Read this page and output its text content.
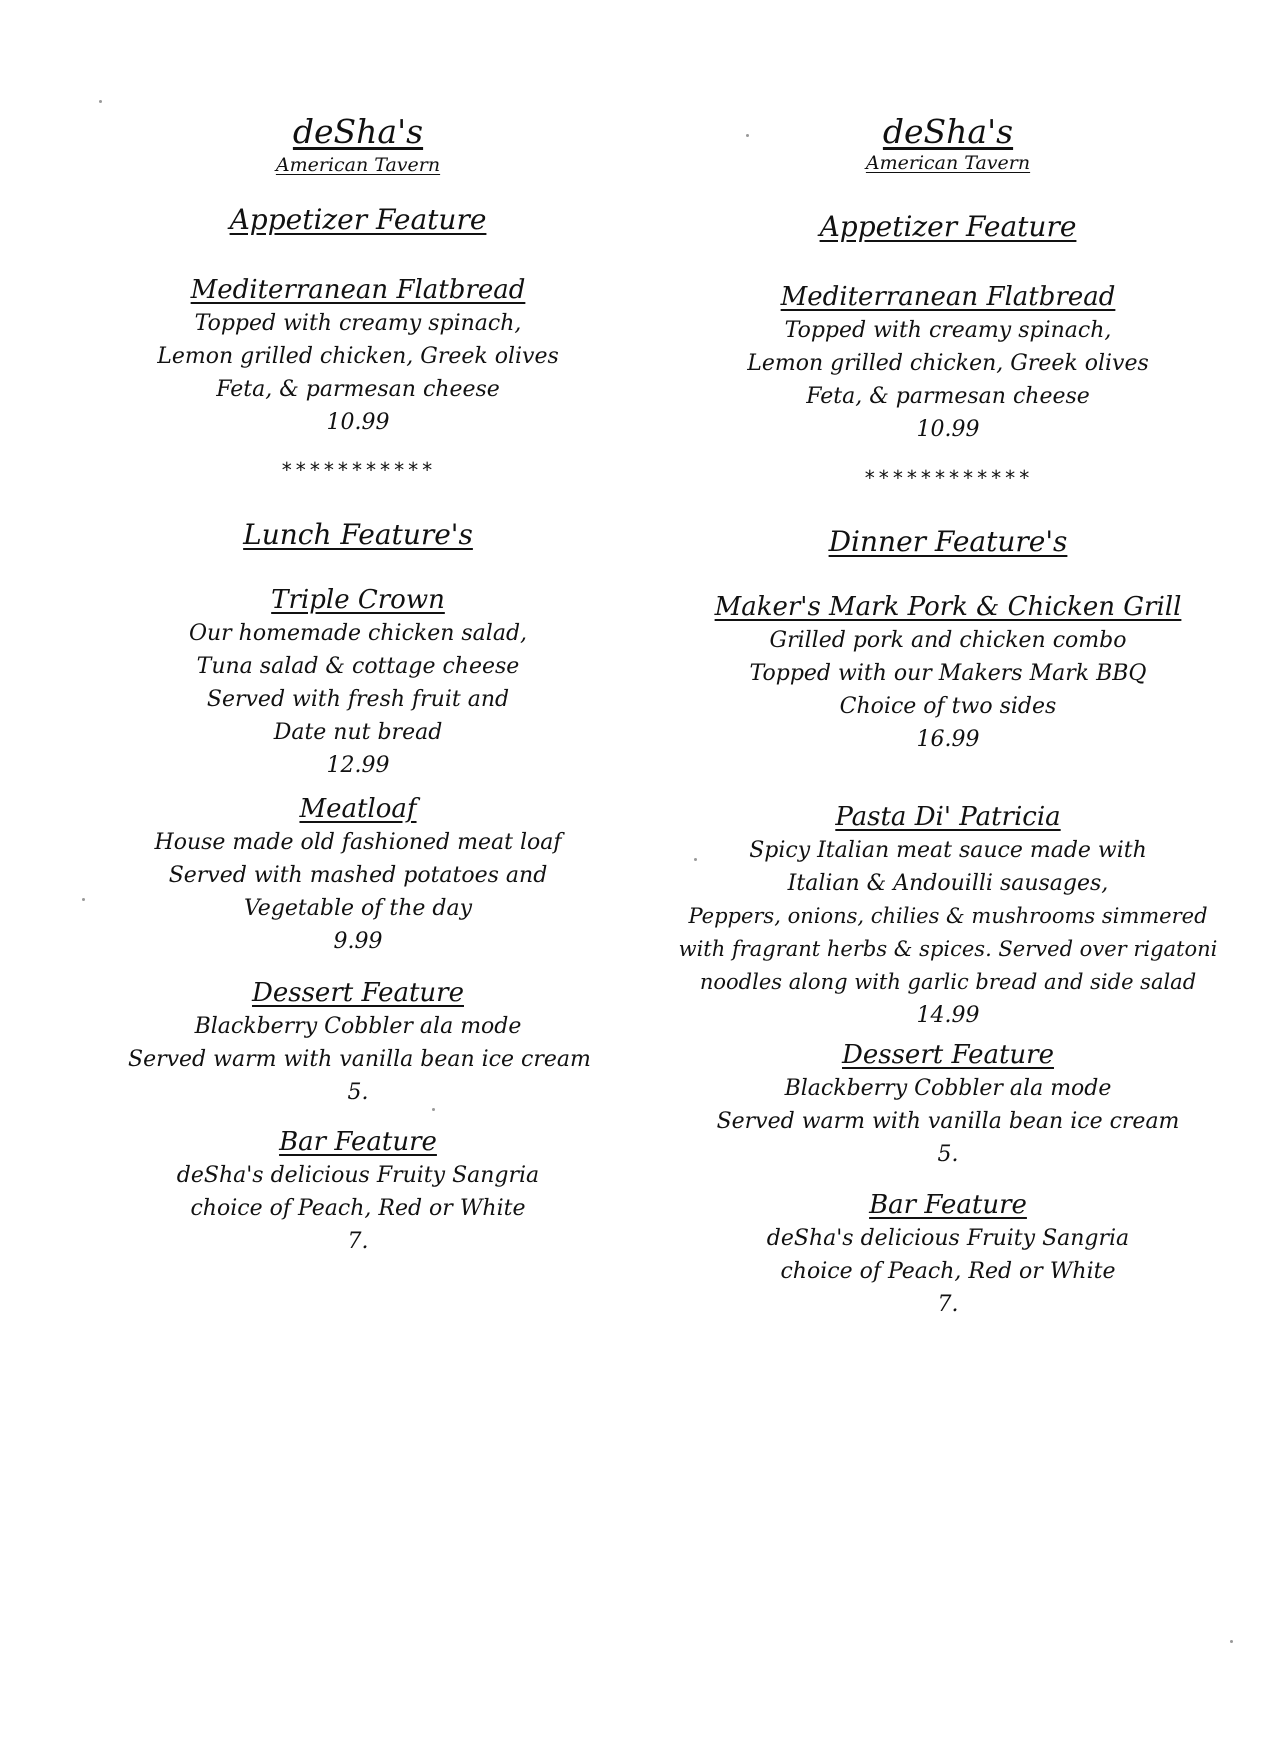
deSha's
American Tavern
Appetizer Feature
Mediterranean Flatbread
Topped with creamy spinach,
Lemon grilled chicken, Greek olives
Feta, & parmesan cheese
10.99
***********
Lunch Feature's
Triple Crown
Our homemade chicken salad,
Tuna salad & cottage cheese
Served with fresh fruit and
Date nut bread
12.99
Meatloaf
House made old fashioned meat loaf
Served with mashed potatoes and
Vegetable of the day
9.99
Dessert Feature
Blackberry Cobbler ala mode
Served warm with vanilla bean ice cream
5.
Bar Feature
deSha's delicious Fruity Sangria
choice of Peach, Red or White
7.
deSha's
American Tavern
Appetizer Feature
Mediterranean Flatbread
Topped with creamy spinach,
Lemon grilled chicken, Greek olives
Feta, & parmesan cheese
10.99
************
Dinner Feature's
Maker's Mark Pork & Chicken Grill
Grilled pork and chicken combo
Topped with our Makers Mark BBQ
Choice of two sides
16.99
Pasta Di' Patricia
Spicy Italian meat sauce made with
Italian & Andouilli sausages,
Peppers, onions, chilies & mushrooms simmered
with fragrant herbs & spices. Served over rigatoni
noodles along with garlic bread and side salad
14.99
Dessert Feature
Blackberry Cobbler ala mode
Served warm with vanilla bean ice cream
5.
Bar Feature
deSha's delicious Fruity Sangria
choice of Peach, Red or White
7.
